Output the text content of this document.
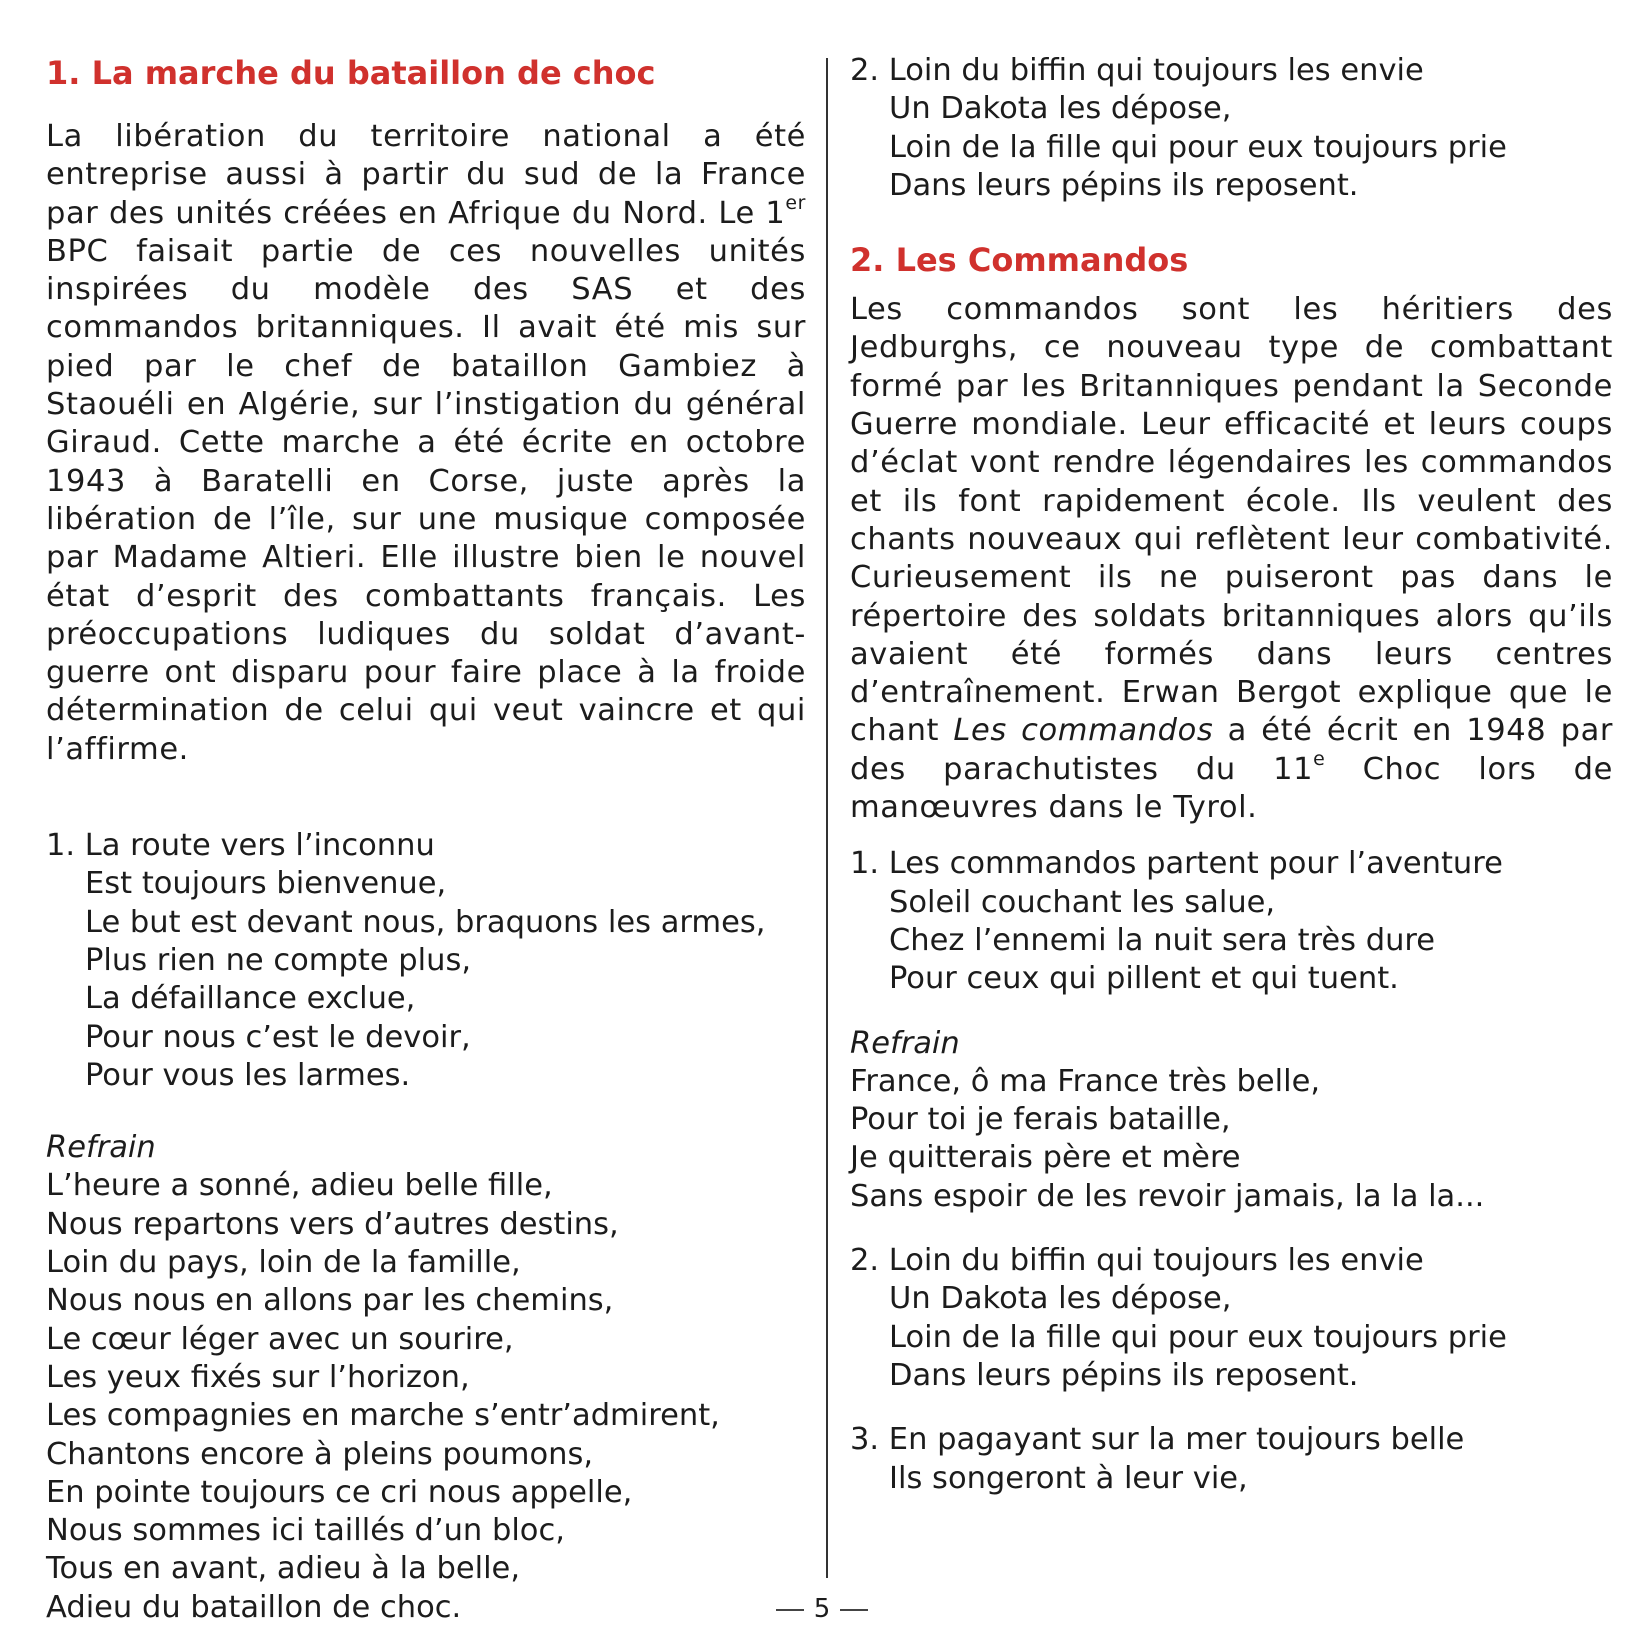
1. La marche du bataillon de choc

La libération du territoire national a été entreprise aussi à partir du sud de la France par des unités créées en Afrique du Nord. Le 1er BPC faisait partie de ces nouvelles unités inspirées du modèle des SAS et des commandos britanniques. Il avait été mis sur pied par le chef de bataillon Gambiez à Staouéli en Algérie, sur l’instigation du général Giraud. Cette marche a été écrite en octobre 1943 à Baratelli en Corse, juste après la libération de l’île, sur une musique composée par Madame Altieri. Elle illustre bien le nouvel état d’esprit des combattants français. Les préoccupations ludiques du soldat d’avant-guerre ont disparu pour faire place à la froide détermination de celui qui veut vaincre et qui l’affirme.

1. La route vers l’inconnu
Est toujours bienvenue,
Le but est devant nous, braquons les armes,
Plus rien ne compte plus,
La défaillance exclue,
Pour nous c’est le devoir,
Pour vous les larmes.
Refrain
L’heure a sonné, adieu belle fille,
Nous repartons vers d’autres destins,
Loin du pays, loin de la famille,
Nous nous en allons par les chemins,
Le cœur léger avec un sourire,
Les yeux fixés sur l’horizon,
Les compagnies en marche s’entr’admirent,
Chantons encore à pleins poumons,
En pointe toujours ce cri nous appelle,
Nous sommes ici taillés d’un bloc,
Tous en avant, adieu à la belle,
Adieu du bataillon de choc.
2. Loin du biffin qui toujours les envie
Un Dakota les dépose,
Loin de la fille qui pour eux toujours prie
Dans leurs pépins ils reposent.
2. Les Commandos

Les commandos sont les héritiers des Jedburghs, ce nouveau type de combattant formé par les Britanniques pendant la Seconde Guerre mondiale. Leur efficacité et leurs coups d’éclat vont rendre légendaires les commandos et ils font rapidement école. Ils veulent des chants nouveaux qui reflètent leur combativité. Curieusement ils ne puiseront pas dans le répertoire des soldats britanniques alors qu’ils avaient été formés dans leurs centres d’entraînement. Erwan Bergot explique que le chant Les commandos a été écrit en 1948 par des parachutistes du 11e Choc lors de manœuvres dans le Tyrol.

1. Les commandos partent pour l’aventure
Soleil couchant les salue,
Chez l’ennemi la nuit sera très dure
Pour ceux qui pillent et qui tuent.
Refrain
France, ô ma France très belle,
Pour toi je ferais bataille,
Je quitterais père et mère
Sans espoir de les revoir jamais, la la la...
2. Loin du biffin qui toujours les envie
Un Dakota les dépose,
Loin de la fille qui pour eux toujours prie
Dans leurs pépins ils reposent.
3. En pagayant sur la mer toujours belle
Ils songeront à leur vie,
5
